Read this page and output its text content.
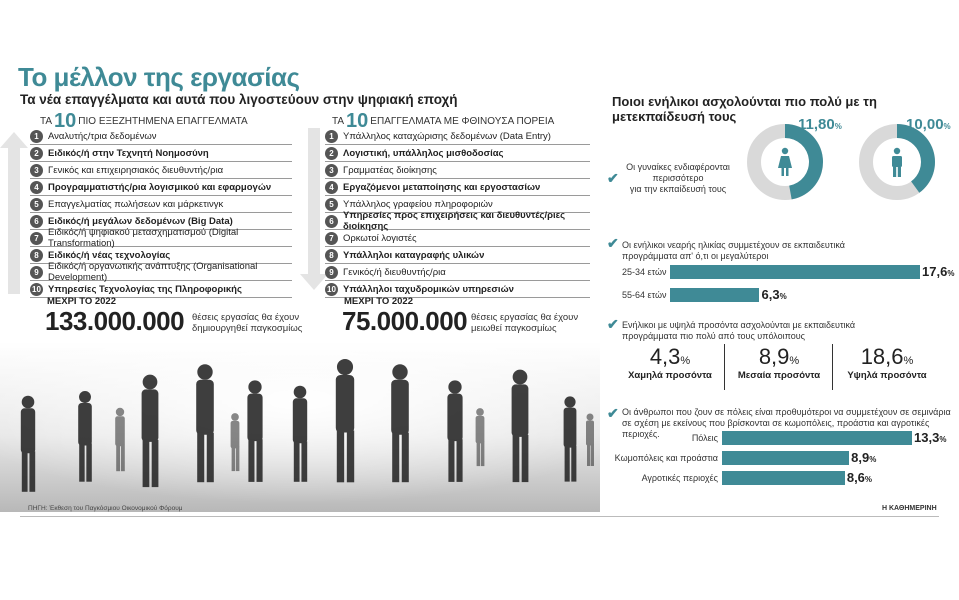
Το μέλλον της εργασίας
Τα νέα επαγγέλματα και αυτά που λιγοστεύουν στην ψηφιακή εποχή
ΤΑ 10 ΠΙΟ ΕΞΕΖΗΤΗΜΕΝΑ ΕΠΑΓΓΕΛΜΑΤΑ
1 Αναλυτής/τρια δεδομένων
2 Ειδικός/ή στην Τεχνητή Νοημοσύνη
3 Γενικός και επιχειρησιακός διευθυντής/ρια
4 Προγραμματιστής/ρια λογισμικού και εφαρμογών
5 Επαγγελματίας πωλήσεων και μάρκετινγκ
6 Ειδικός/ή μεγάλων δεδομένων (Big Data)
7 Ειδικός/ή ψηφιακού μετασχηματισμού (Digital Transformation)
8 Ειδικός/ή νέας τεχνολογίας
9 Ειδικός/ή οργανωτικής ανάπτυξης (Organisational Development)
10 Υπηρεσίες Τεχνολογίας της Πληροφορικής
ΤΑ 10 ΕΠΑΓΓΕΛΜΑΤΑ ΜΕ ΦΘΙΝΟΥΣΑ ΠΟΡΕΙΑ
1 Υπάλληλος καταχώρισης δεδομένων (Data Entry)
2 Λογιστική, υπάλληλος μισθοδοσίας
3 Γραμματέας διοίκησης
4 Εργαζόμενοι μεταποίησης και εργοστασίων
5 Υπάλληλος γραφείου πληροφοριών
6 Υπηρεσίες προς επιχειρήσεις και διευθυντές/ριες διοίκησης
7 Ορκωτοί λογιστές
8 Υπάλληλοι καταγραφής υλικών
9 Γενικός/ή διευθυντής/ρια
10 Υπάλληλοι ταχυδρομικών υπηρεσιών
ΜΕΧΡΙ ΤΟ 2022
133.000.000 θέσεις εργασίας θα έχουν
δημιουργηθεί παγκοσμίως
ΜΕΧΡΙ ΤΟ 2022
75.000.000 θέσεις εργασίας θα έχουν
μειωθεί παγκοσμίως
ΠΗΓΗ: Έκθεση του Παγκόσμιου Οικονομικού Φόρουμ
Ποιοι ενήλικοι ασχολούνται πιο πολύ με τη μετεκπαίδευσή τους	11,80%	10,00%
✔
Οι γυναίκες ενδιαφέρονται
περισσότερο
για την εκπαίδευσή τους
✔ Οι ενήλικοι νεαρής ηλικίας συμμετέχουν σε εκπαιδευτικά
προγράμματα απ' ό,τι οι μεγαλύτεροι
25-34 ετών	17,6%
55-64 ετών	6,3%
✔ Ενήλικοι με υψηλά προσόντα ασχολούνται με εκπαιδευτικά
προγράμματα πιο πολύ από τους υπόλοιπους
4,3%
Χαμηλά προσόντα
8,9%
Μεσαία προσόντα
18,6%
Υψηλά προσόντα
✔ Οι άνθρωποι που ζουν σε πόλεις είναι προθυμότεροι να συμμετέχουν σε σεμινάρια
σε σχέση με εκείνους που βρίσκονται σε κωμοπόλεις, προάστια και αγροτικές περιοχές.	Πόλεις	13,3%
Κωμοπόλεις και προάστια	8,9%
Αγροτικές περιοχές	8,6%
Η ΚΑΘΗΜΕΡΙΝΗ
